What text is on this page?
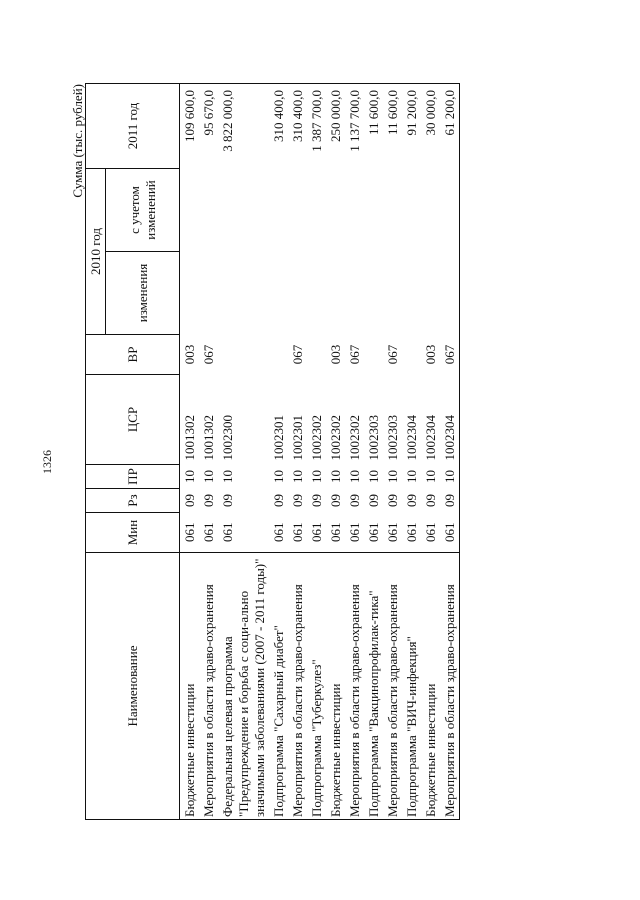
1326
Сумма (тыс. рублей)
Наименование	Мин	Рз	ПР	ЦСР	ВР	2010 год		2011 год
						изменения	с учетом изменений	

Бюджетные инвестиции	061	09	10	1001302	003			109 600,0
Мероприятия в области здраво-охранения	061	09	10	1001302	067			95 670,0
Федеральная целевая программа "Предупреждение и борьба с соци-ально значимыми заболеваниями (2007 - 2011 годы)"	061	09	10	1002300				3 822 000,0
Подпрограмма "Сахарный диабет"	061	09	10	1002301				310 400,0
Мероприятия в области здраво-охранения	061	09	10	1002301	067			310 400,0
Подпрограмма "Туберкулез"	061	09	10	1002302				1 387 700,0
Бюджетные инвестиции	061	09	10	1002302	003			250 000,0
Мероприятия в области здраво-охранения	061	09	10	1002302	067			1 137 700,0
Подпрограмма "Вакцинопрофилак-тика"	061	09	10	1002303				11 600,0
Мероприятия в области здраво-охранения	061	09	10	1002303	067			11 600,0
Подпрограмма "ВИЧ-инфекция"	061	09	10	1002304				91 200,0
Бюджетные инвестиции	061	09	10	1002304	003			30 000,0
Мероприятия в области здраво-охранения	061	09	10	1002304	067			61 200,0
